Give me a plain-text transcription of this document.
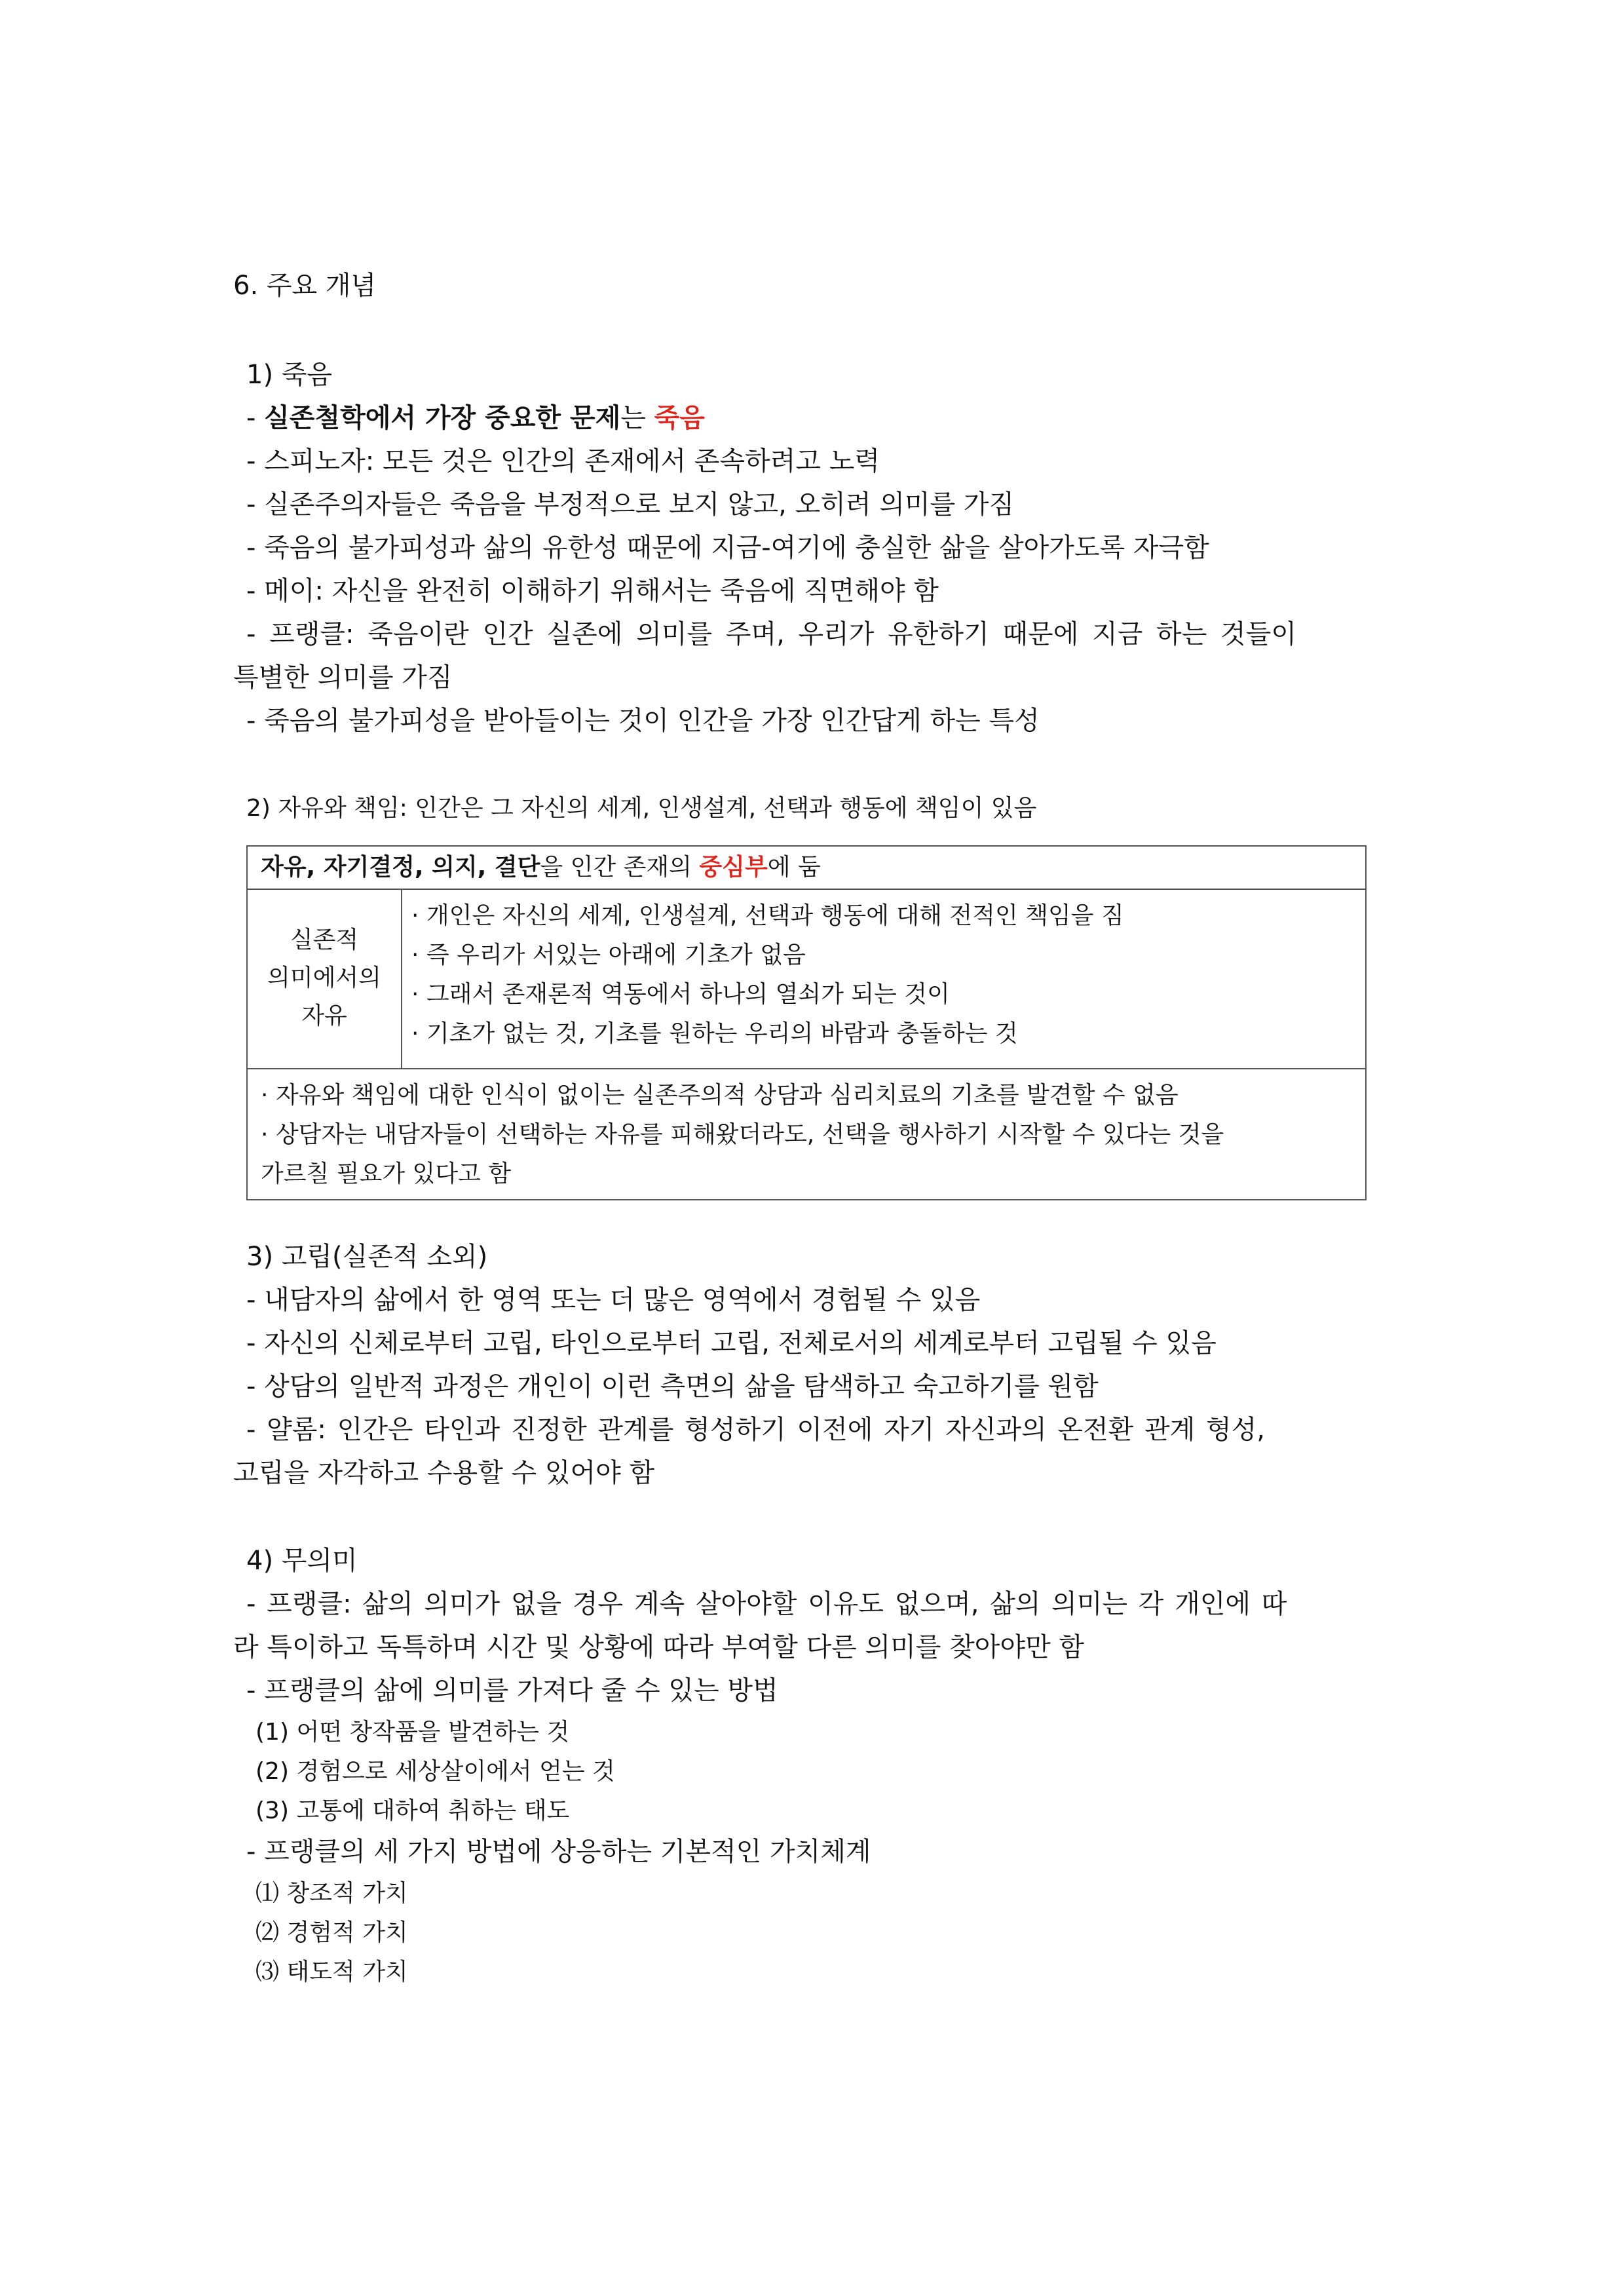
6. 주요 개념
1) 죽음
- 실존철학에서 가장 중요한 문제는 죽음
- 스피노자: 모든 것은 인간의 존재에서 존속하려고 노력
- 실존주의자들은 죽음을 부정적으로 보지 않고, 오히려 의미를 가짐
- 죽음의 불가피성과 삶의 유한성 때문에 지금-여기에 충실한 삶을 살아가도록 자극함
- 메이: 자신을 완전히 이해하기 위해서는 죽음에 직면해야 함
- 프랭클: 죽음이란 인간 실존에 의미를 주며, 우리가 유한하기 때문에 지금 하는 것들이
특별한 의미를 가짐
- 죽음의 불가피성을 받아들이는 것이 인간을 가장 인간답게 하는 특성
2) 자유와 책임: 인간은 그 자신의 세계, 인생설계, 선택과 행동에 책임이 있음
자유, 자기결정, 의지, 결단을 인간 존재의 중심부에 둠
실존적
의미에서의
자유
· 개인은 자신의 세계, 인생설계, 선택과 행동에 대해 전적인 책임을 짐
· 즉 우리가 서있는 아래에 기초가 없음
· 그래서 존재론적 역동에서 하나의 열쇠가 되는 것이
· 기초가 없는 것, 기초를 원하는 우리의 바람과 충돌하는 것
· 자유와 책임에 대한 인식이 없이는 실존주의적 상담과 심리치료의 기초를 발견할 수 없음
· 상담자는 내담자들이 선택하는 자유를 피해왔더라도, 선택을 행사하기 시작할 수 있다는 것을
가르칠 필요가 있다고 함
3) 고립(실존적 소외)
- 내담자의 삶에서 한 영역 또는 더 많은 영역에서 경험될 수 있음
- 자신의 신체로부터 고립, 타인으로부터 고립, 전체로서의 세계로부터 고립될 수 있음
- 상담의 일반적 과정은 개인이 이런 측면의 삶을 탐색하고 숙고하기를 원함
- 얄롬: 인간은 타인과 진정한 관계를 형성하기 이전에 자기 자신과의 온전환 관계 형성,
고립을 자각하고 수용할 수 있어야 함
4) 무의미
- 프랭클: 삶의 의미가 없을 경우 계속 살아야할 이유도 없으며, 삶의 의미는 각 개인에 따
라 특이하고 독특하며 시간 및 상황에 따라 부여할 다른 의미를 찾아야만 함
- 프랭클의 삶에 의미를 가져다 줄 수 있는 방법
(1) 어떤 창작품을 발견하는 것
(2) 경험으로 세상살이에서 얻는 것
(3) 고통에 대하여 취하는 태도
- 프랭클의 세 가지 방법에 상응하는 기본적인 가치체계
⑴ 창조적 가치
⑵ 경험적 가치
⑶ 태도적 가치
